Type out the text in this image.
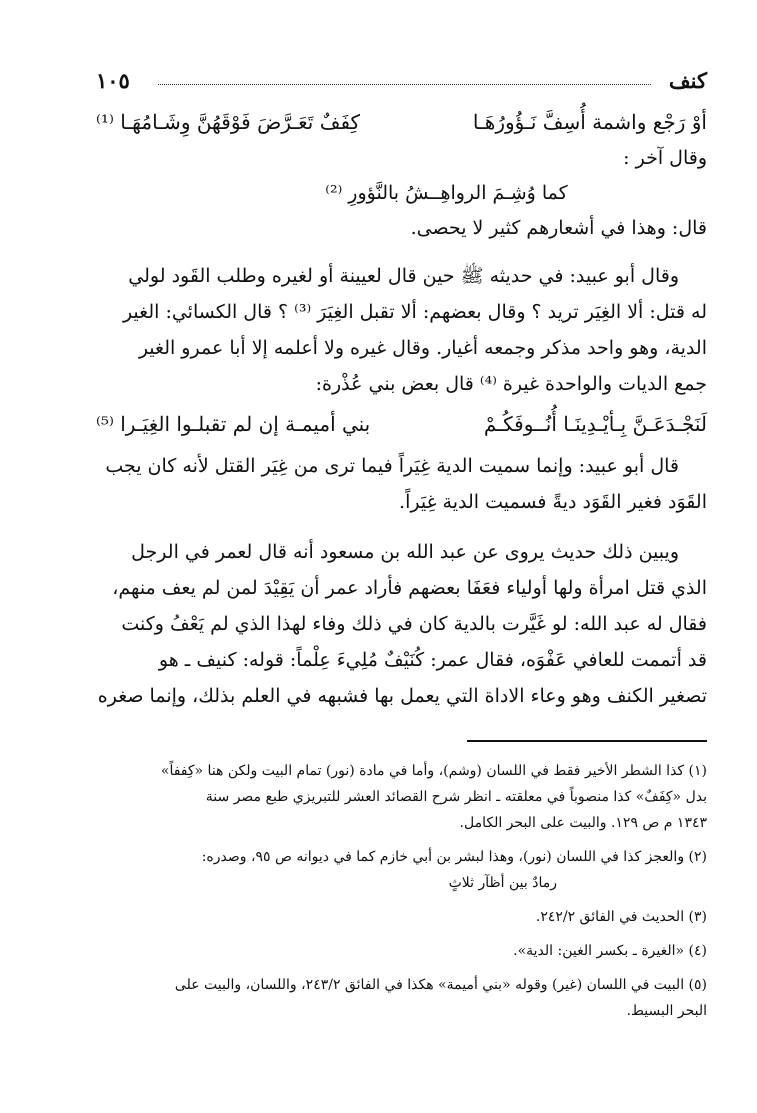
كنف
١٠٥
أوْ رَجْع واشمة أُسِفَّ نَـؤُورُهَـا
كِفَفٌ تَعَـرَّضَ فَوْقَهُنَّ وِشَـامُهَـا ⁽¹⁾

وقال آخر :

كما وُشِـمَ الرواهِــشُ بالنَّؤورِ ⁽²⁾

قال: وهذا في أشعارهم كثير لا يحصى.

وقال أبو عبيد: في حديثه ﷺ حين قال لعيينة أو لغيره وطلب القَود لولي

له قتل: ألا الغِيَر تريد ؟ وقال بعضهم: ألا تقبل الغِيَرَ ⁽³⁾ ؟ قال الكسائي: الغير

الدية، وهو واحد مذكر وجمعه أغيار. وقال غيره ولا أعلمه إلا أبا عمرو الغير

جمع الديات والواحدة غيرة ⁽⁴⁾ قال بعض بني عُذْرة:

لَنَجْـدَعَـنَّ بِـأيْـدِينَـا أُنُــوفَكُـمْ
بني أميمـة إن لم تقبلـوا الغِيَـرا ⁽⁵⁾

قال أبو عبيد: وإنما سميت الدية غِيَراً فيما ترى من غِيَر القتل لأنه كان يجب

القَوَد فغير القَوَد ديةً فسميت الدية غِيَراً.

ويبين ذلك حديث يروى عن عبد الله بن مسعود أنه قال لعمر في الرجل

الذي قتل امرأة ولها أولياء فعَفَا بعضهم فأراد عمر أن يَقِيْدَ لمن لم يعف منهم،

فقال له عبد الله: لو غَيَّرت بالدية كان في ذلك وفاء لهذا الذي لم يَعْفُ وكنت

قد أتممت للعافي عَفْوَه، فقال عمر: كُنَيْفٌ مُلِيءَ عِلْماً: قوله: كنيف ـ هو

تصغير الكنف وهو وعاء الاداة التي يعمل بها فشبهه في العلم بذلك، وإنما صغره

(١) كذا الشطر الأخير فقط في اللسان (وشم)، وأما في مادة (نور) تمام البيت ولكن هنا «كِففاً»

بدل «كِفَفٌ» كذا منصوباً في معلقته ـ انظر شرح القصائد العشر للتبريزي طبع مصر سنة

١٣٤٣ م ص ١٢٩. والبيت على البحر الكامل.

(٢) والعجز كذا في اللسان (نور)، وهذا لبشر بن أبي خازم كما في ديوانه ص ٩٥، وصدره:

رمادٌ بين أظآر ثلاثٍ

(٣) الحديث في الفائق ٢٤٢/٢.

(٤) «الغيرة ـ بكسر الغين: الدية».

(٥) البيت في اللسان (غير) وقوله «بني أميمة» هكذا في الفائق ٢٤٣/٢، واللسان، والبيت على

البحر البسيط.
